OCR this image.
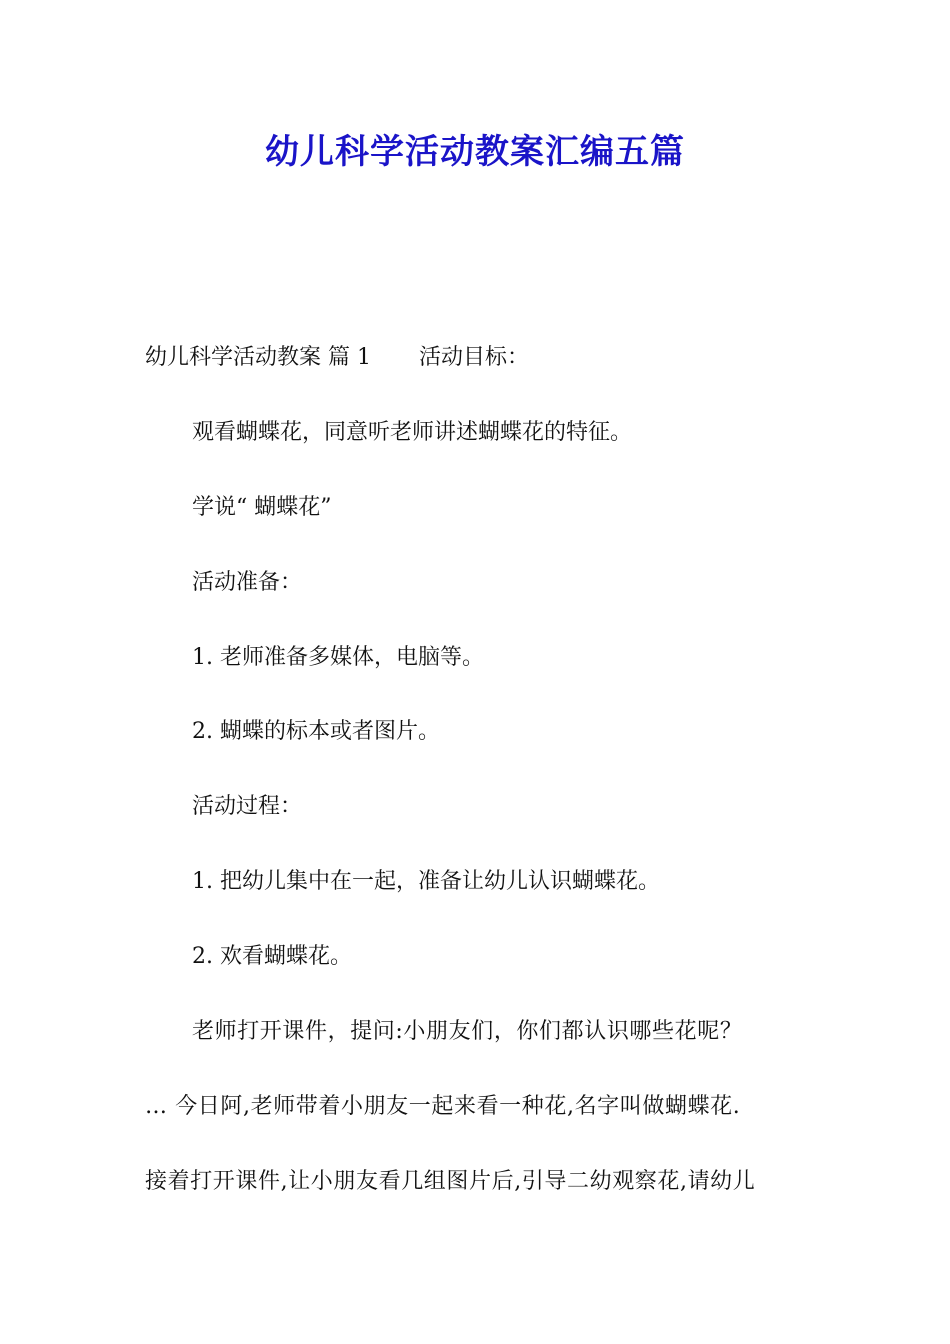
幼儿科学活动教案汇编五篇
幼儿科学活动教案 篇 1 活动目标：
观看蝴蝶花，同意听老师讲述蝴蝶花的特征。
学说“ 蝴蝶花”
活动准备：
1. 老师准备多媒体，电脑等。
2. 蝴蝶的标本或者图片。
活动过程：
1. 把幼儿集中在一起，准备让幼儿认识蝴蝶花。
2. 欢看蝴蝶花。
老师打开课件，提问:小朋友们，你们都认识哪些花呢？
… 今日阿,老师带着小朋友一起来看一种花,名字叫做蝴蝶花.
接着打开课件,让小朋友看几组图片后,引导二幼观察花,请幼儿
